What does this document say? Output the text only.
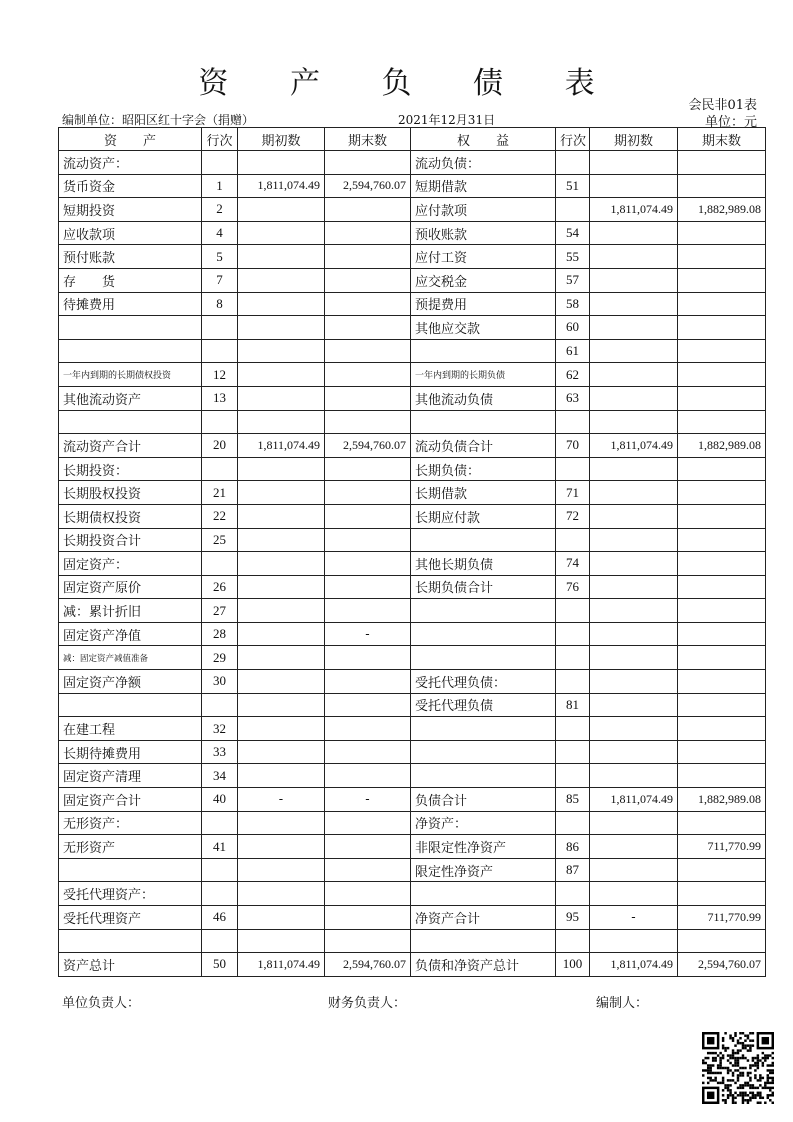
资 产 负 债 表
会民非01表
编制单位：昭阳区红十字会（捐赠）	2021年12月31日	单位：元
资　　产	行次	期初数	期末数	权　　益	行次	期初数	期末数
流动资产：				流动负债：			
货币资金	1	1,811,074.49	2,594,760.07	短期借款	51		
短期投资	2			应付款项		1,811,074.49	1,882,989.08
应收款项	4			预收账款	54		
预付账款	5			应付工资	55		
存　　货	7			应交税金	57		
待摊费用	8			预提费用	58		
				其他应交款	60		
					61		
一年内到期的长期债权投资	12			一年内到期的长期负债	62		
其他流动资产	13			其他流动负债	63		

流动资产合计	20	1,811,074.49	2,594,760.07	流动负债合计	70	1,811,074.49	1,882,989.08
长期投资：				长期负债：			
长期股权投资	21			长期借款	71		
长期债权投资	22			长期应付款	72		
长期投资合计	25						
固定资产：				其他长期负债	74		
固定资产原价	26			长期负债合计	76		
减：累计折旧	27						
固定资产净值	28		-				
减：固定资产减值准备	29						
固定资产净额	30			受托代理负债：			
				受托代理负债	81		
在建工程	32						
长期待摊费用	33						
固定资产清理	34						
固定资产合计	40	-	-	负债合计	85	1,811,074.49	1,882,989.08
无形资产：				净资产：			
无形资产	41			非限定性净资产	86		711,770.99
				限定性净资产	87		
受托代理资产：							
受托代理资产	46			净资产合计	95	-	711,770.99

资产总计	50	1,811,074.49	2,594,760.07	负债和净资产总计	100	1,811,074.49	2,594,760.07
单位负责人：	财务负责人：	编制人：
